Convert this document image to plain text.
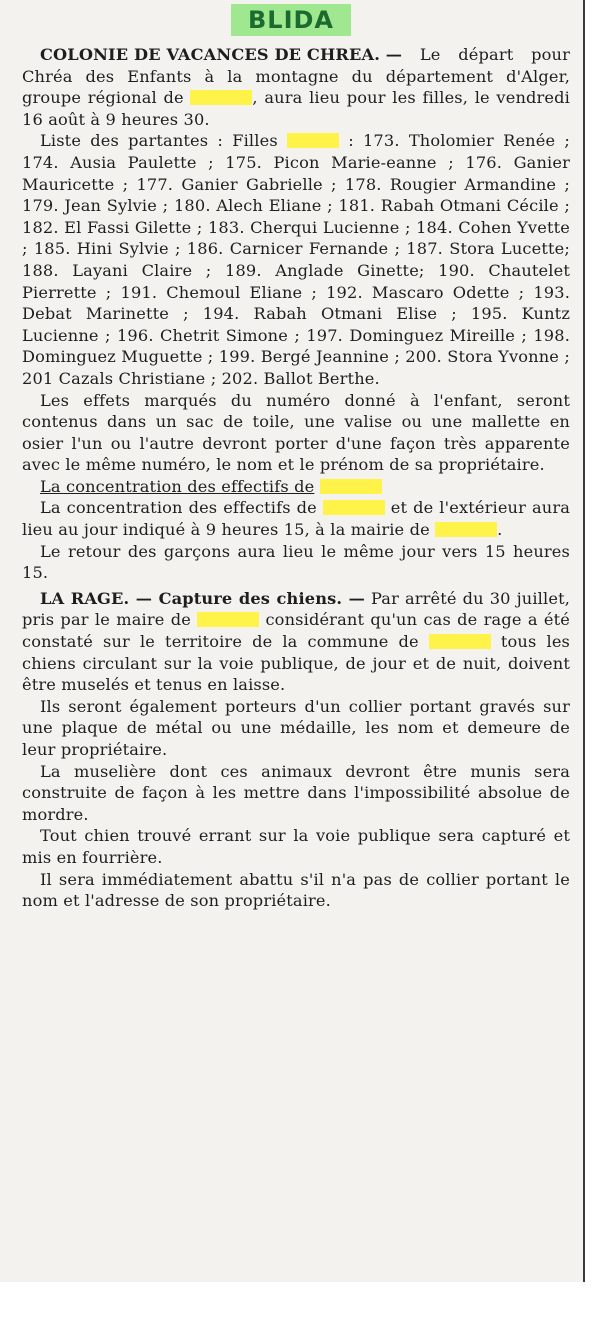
BLIDA

COLONIE DE VACANCES DE CHREA. — Le départ pour Chréa des Enfants à la montagne du département d'Alger, groupe régional de	, aura lieu pour les filles, le vendredi 16 août à 9 heures 30.

Liste des partantes : Filles	: 173. Tholomier Renée ; 174. Ausia Paulette ; 175. Picon Marie-eanne ; 176. Ganier Mauricette ; 177. Ganier Gabrielle ; 178. Rougier Armandine ; 179. Jean Sylvie ; 180. Alech Eliane ; 181. Rabah Otmani Cécile ; 182. El Fassi Gilette ; 183. Cherqui Lucienne ; 184. Cohen Yvette ; 185. Hini Sylvie ; 186. Carnicer Fernande ; 187. Stora Lucette; 188. Layani Claire ; 189. Anglade Ginette; 190. Chautelet Pierrette ; 191. Chemoul Eliane ; 192. Mascaro Odette ; 193. Debat Marinette ; 194. Rabah Otmani Elise ; 195. Kuntz Lucienne ; 196. Chetrit Simone ; 197. Dominguez Mireille ; 198. Dominguez Muguette ; 199. Bergé Jeannine ; 200. Stora Yvonne ; 201 Cazals Christiane ; 202. Ballot Berthe.

Les effets marqués du numéro donné à l'enfant, seront contenus dans un sac de toile, une valise ou une mallette en osier l'un ou l'autre devront porter d'une façon très apparente avec le même numéro, le nom et le prénom de sa propriétaire.

La concentration des effectifs de

La concentration des effectifs de	et de l'extérieur aura lieu au jour indiqué à 9 heures 15, à la mairie de	.

Le retour des garçons aura lieu le même jour vers 15 heures 15.

LA RAGE. — Capture des chiens. — Par arrêté du 30 juillet, pris par le maire de	considérant qu'un cas de rage a été constaté sur le territoire de la commune de	tous les chiens circulant sur la voie publique, de jour et de nuit, doivent être muselés et tenus en laisse.

Ils seront également porteurs d'un collier portant gravés sur une plaque de métal ou une médaille, les nom et demeure de leur propriétaire.

La muselière dont ces animaux devront être munis sera construite de façon à les mettre dans l'impossibilité absolue de mordre.

Tout chien trouvé errant sur la voie publique sera capturé et mis en fourrière.

Il sera immédiatement abattu s'il n'a pas de collier portant le nom et l'adresse de son propriétaire.
